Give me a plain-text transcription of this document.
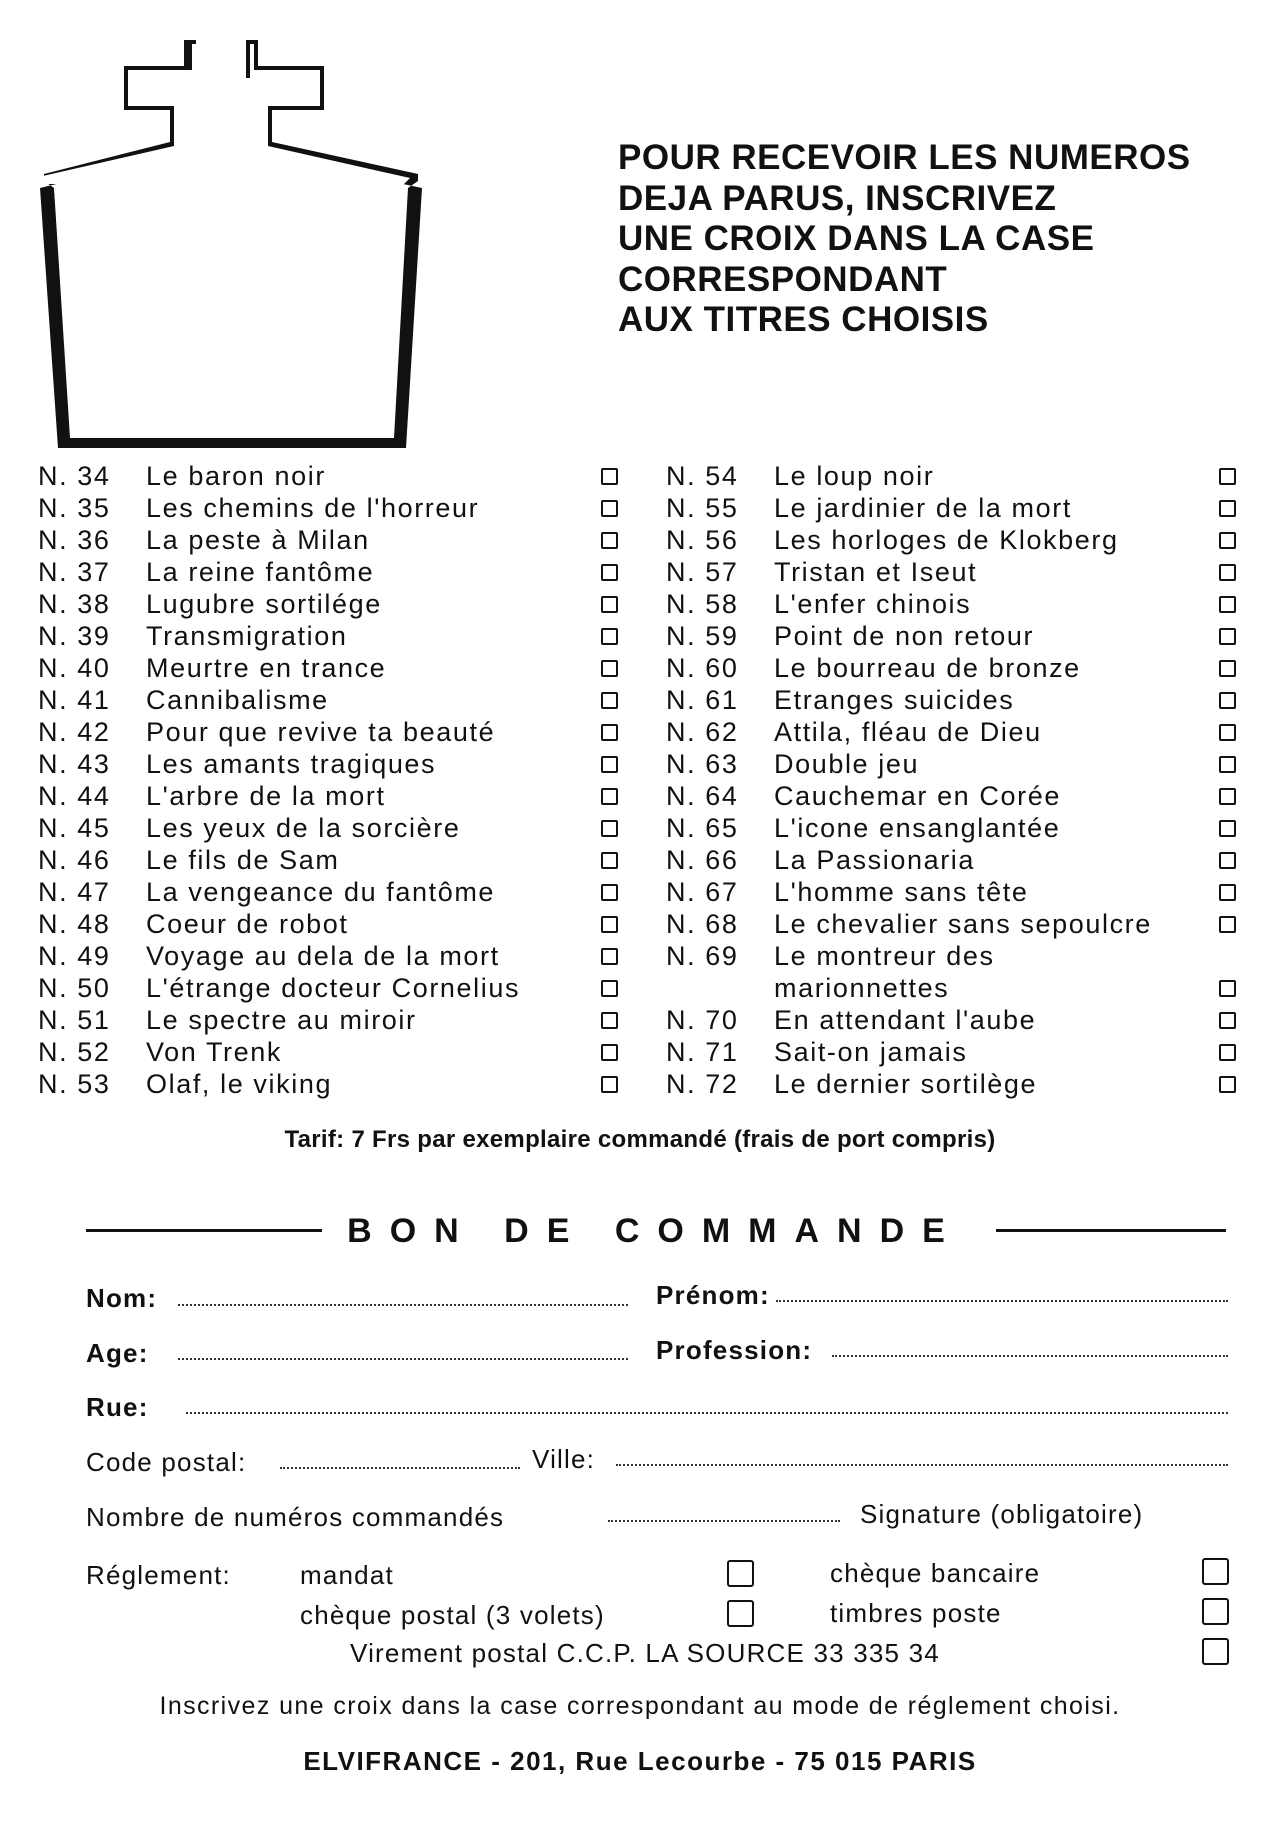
POUR RECEVOIR LES NUMEROS
DEJA PARUS, INSCRIVEZ
UNE CROIX DANS LA CASE
CORRESPONDANT
AUX TITRES CHOISIS
N. 34 Le baron noir
N. 35 Les chemins de l'horreur
N. 36 La peste à Milan
N. 37 La reine fantôme
N. 38 Lugubre sortilége
N. 39 Transmigration
N. 40 Meurtre en trance
N. 41 Cannibalisme
N. 42 Pour que revive ta beauté
N. 43 Les amants tragiques
N. 44 L'arbre de la mort
N. 45 Les yeux de la sorcière
N. 46 Le fils de Sam
N. 47 La vengeance du fantôme
N. 48 Coeur de robot
N. 49 Voyage au dela de la mort
N. 50 L'étrange docteur Cornelius
N. 51 Le spectre au miroir
N. 52 Von Trenk
N. 53 Olaf, le viking
N. 54 Le loup noir
N. 55 Le jardinier de la mort
N. 56 Les horloges de Klokberg
N. 57 Tristan et Iseut
N. 58 L'enfer chinois
N. 59 Point de non retour
N. 60 Le bourreau de bronze
N. 61 Etranges suicides
N. 62 Attila, fléau de Dieu
N. 63 Double jeu
N. 64 Cauchemar en Corée
N. 65 L'icone ensanglantée
N. 66 La Passionaria
N. 67 L'homme sans tête
N. 68 Le chevalier sans sepoulcre
N. 69 Le montreur des
marionnettes
N. 70 En attendant l'aube
N. 71 Sait-on jamais
N. 72 Le dernier sortilège
Tarif: 7 Frs par exemplaire commandé (frais de port compris)
BON DE COMMANDE
Nom:	Prénom:
Age:	Profession:
Rue:
Code postal:	Ville:
Nombre de numéros commandés	Signature (obligatoire)
Réglement:	mandat	chèque bancaire
chèque postal (3 volets)	timbres poste
Virement postal C.C.P. LA SOURCE 33 335 34
Inscrivez une croix dans la case correspondant au mode de réglement choisi.
ELVIFRANCE - 201, Rue Lecourbe - 75 015 PARIS
